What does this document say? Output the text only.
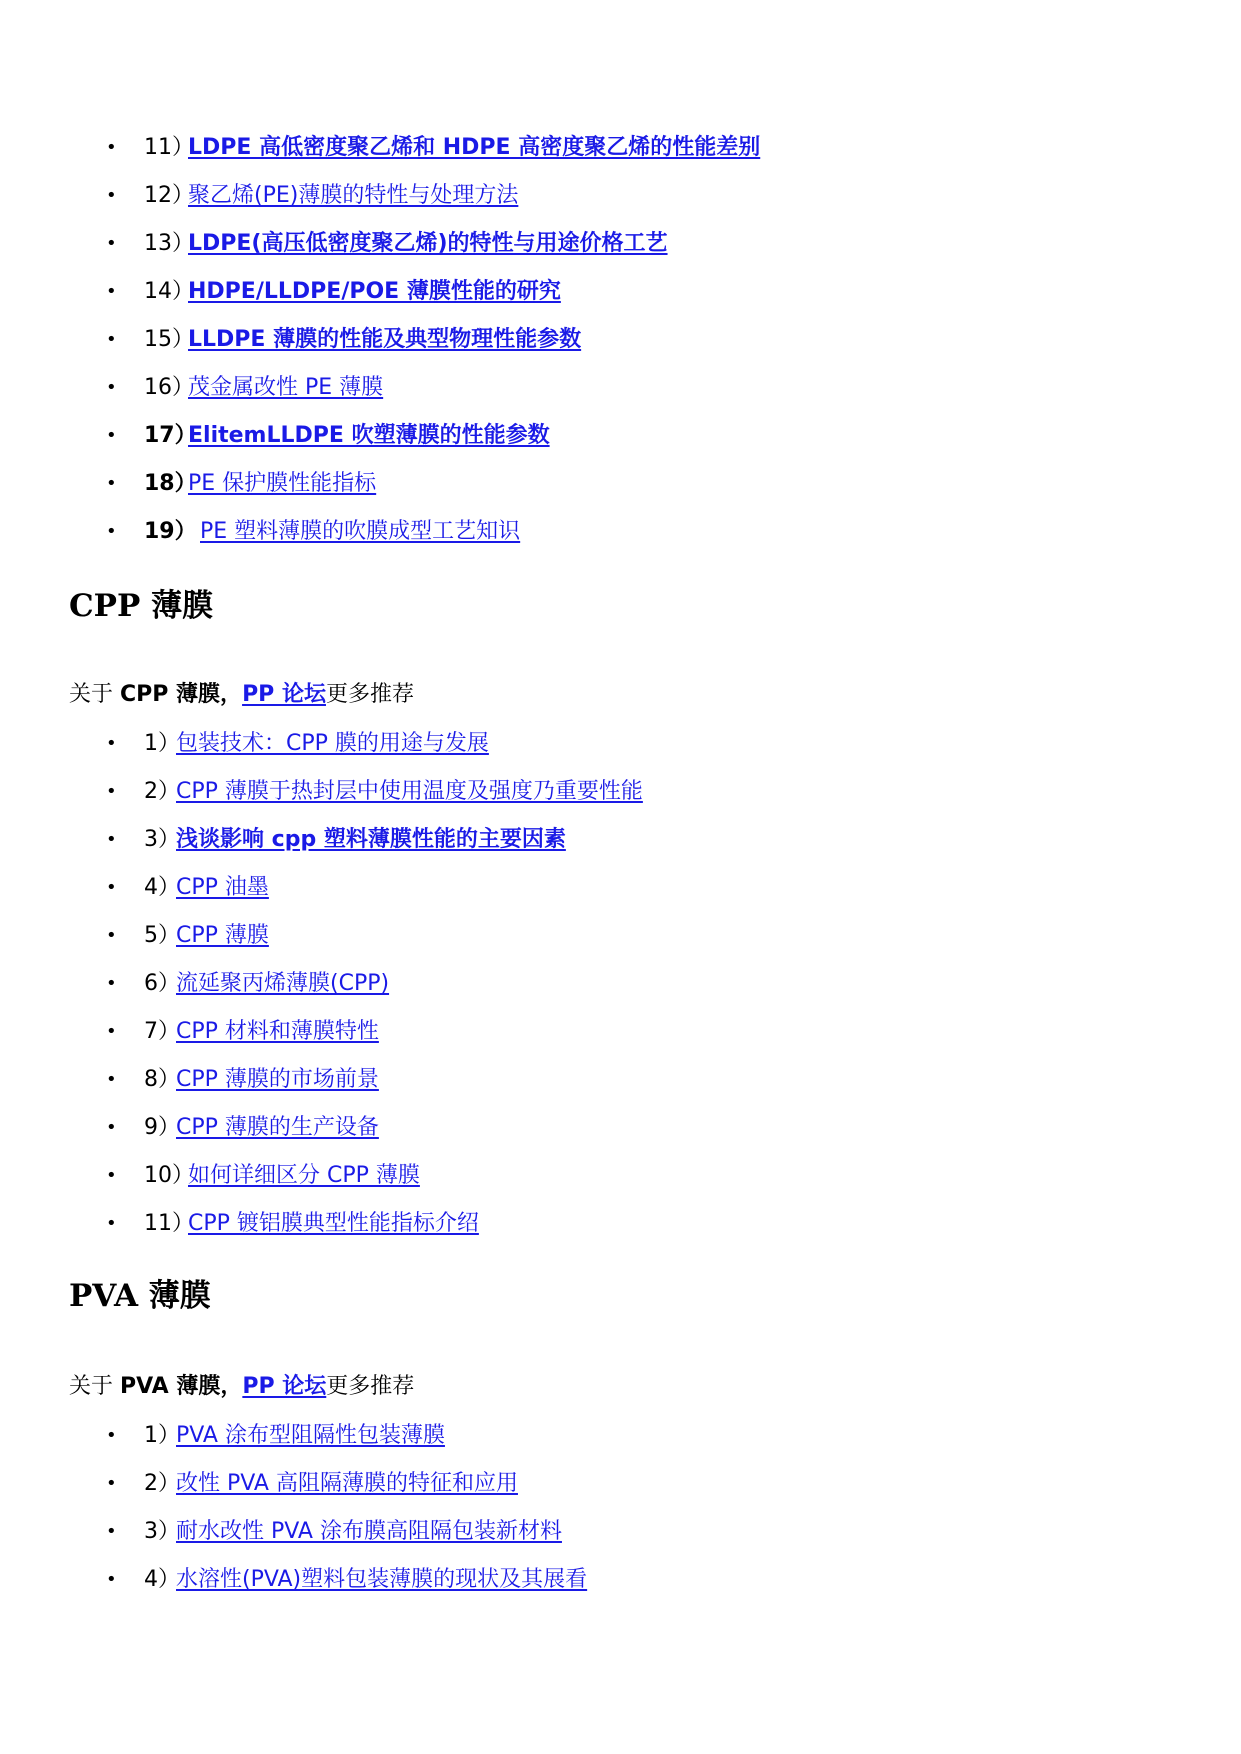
• 11）
LDPE 高低密度聚乙烯和 HDPE 高密度聚乙烯的性能差别
• 12）
聚乙烯(PE)薄膜的特性与处理方法
• 13）
LDPE(高压低密度聚乙烯)的特性与用途价格工艺
• 14）
HDPE/LLDPE/POE 薄膜性能的研究
• 15）
LLDPE 薄膜的性能及典型物理性能参数
• 16）
茂金属改性 PE 薄膜
• 17）
ElitemLLDPE 吹塑薄膜的性能参数
• 18）
PE 保护膜性能指标
• 19） PE 塑料薄膜的吹膜成型工艺知识
CPP 薄膜

关于 CPP 薄膜，PP 论坛更多推荐

• 1）
包装技术：CPP 膜的用途与发展
• 2）
CPP 薄膜于热封层中使用温度及强度乃重要性能
• 3）
浅谈影响 cpp 塑料薄膜性能的主要因素
• 4）
CPP 油墨
• 5）
CPP 薄膜
• 6）
流延聚丙烯薄膜(CPP)
• 7）
CPP 材料和薄膜特性
• 8）
CPP 薄膜的市场前景
• 9）
CPP 薄膜的生产设备
• 10）
如何详细区分 CPP 薄膜
• 11）
CPP 镀铝膜典型性能指标介绍
PVA 薄膜

关于 PVA 薄膜，PP 论坛更多推荐

• 1）
PVA 涂布型阻隔性包装薄膜
• 2）
改性 PVA 高阻隔薄膜的特征和应用
• 3）
耐水改性 PVA 涂布膜高阻隔包装新材料
• 4）
水溶性(PVA)塑料包装薄膜的现状及其展看
